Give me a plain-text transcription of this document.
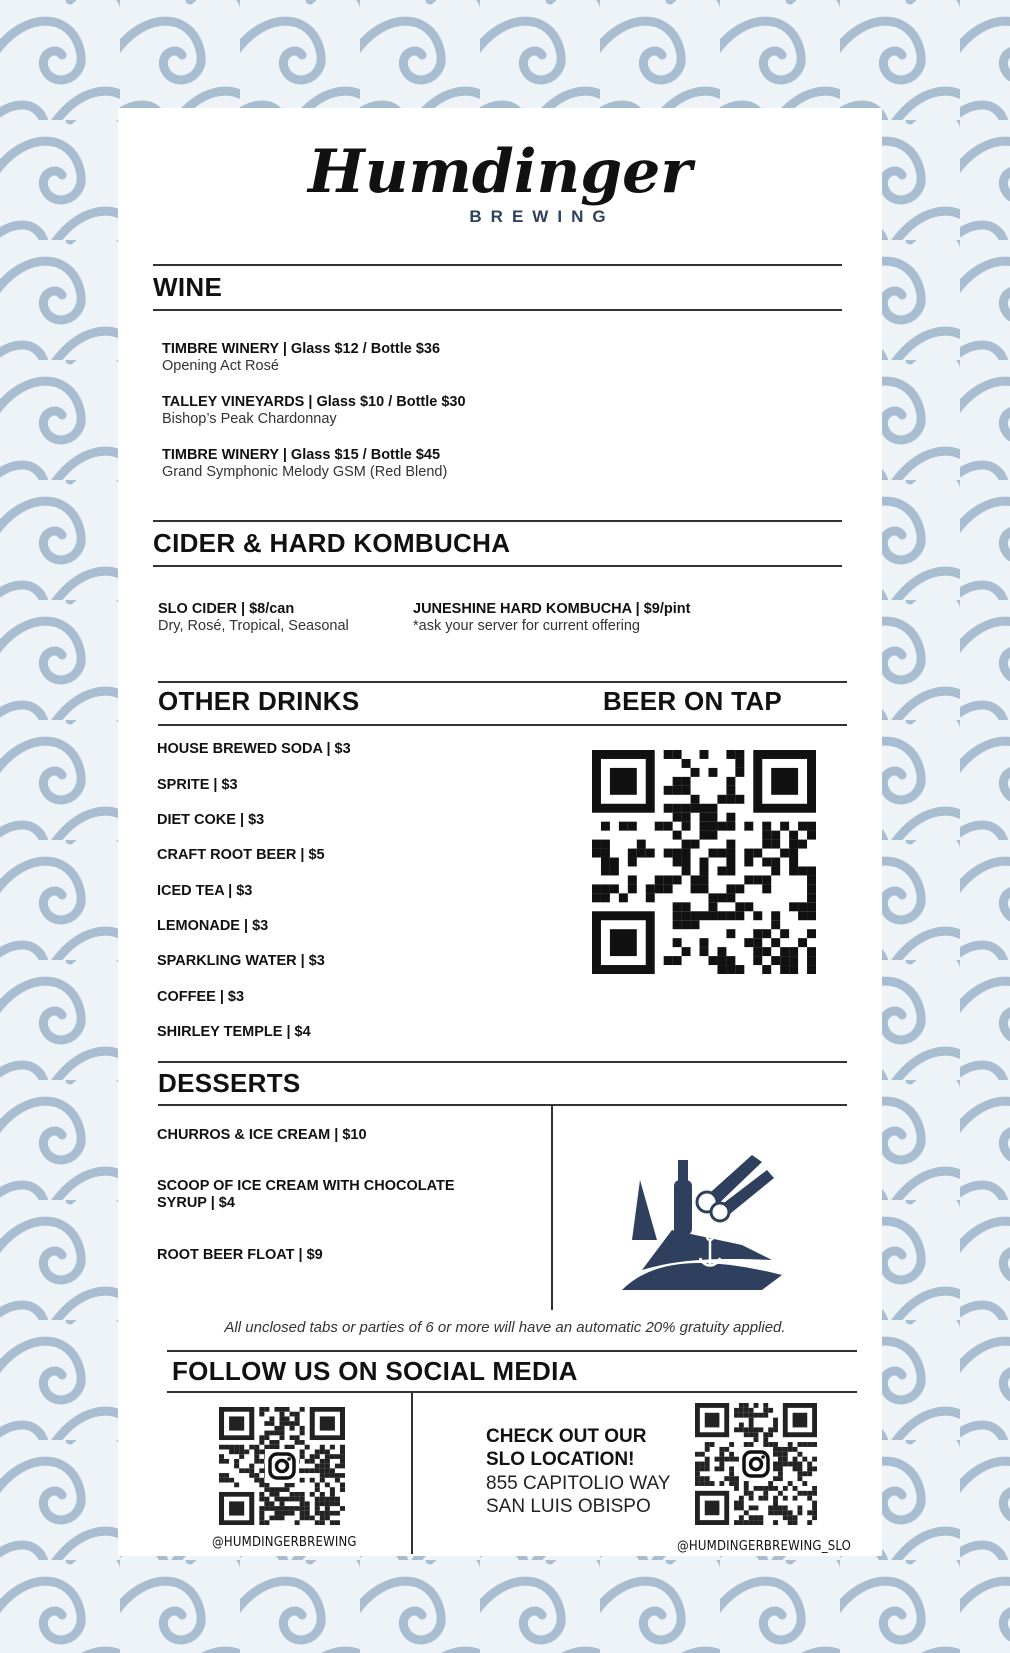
Humdinger
BREWING
WINE
TIMBRE WINERY | Glass $12 / Bottle $36
Opening Act Rosé
TALLEY VINEYARDS | Glass $10 / Bottle $30
Bishop’s Peak Chardonnay
TIMBRE WINERY | Glass $15 / Bottle $45
Grand Symphonic Melody GSM (Red Blend)
CIDER & HARD KOMBUCHA
SLO CIDER | $8/can
Dry, Rosé, Tropical, Seasonal
JUNESHINE HARD KOMBUCHA | $9/pint
*ask your server for current offering
OTHER DRINKS	BEER ON TAP
HOUSE BREWED SODA | $3
SPRITE | $3
DIET COKE | $3
CRAFT ROOT BEER | $5
ICED TEA | $3
LEMONADE | $3
SPARKLING WATER | $3
COFFEE | $3
SHIRLEY TEMPLE | $4
DESSERTS
CHURROS & ICE CREAM | $10
SCOOP OF ICE CREAM WITH CHOCOLATE
SYRUP | $4
ROOT BEER FLOAT | $9
All unclosed tabs or parties of 6 or more will have an automatic 20% gratuity applied.
FOLLOW US ON SOCIAL MEDIA
@HUMDINGERBREWING
CHECK OUT OUR
SLO LOCATION!
855 CAPITOLIO WAY
SAN LUIS OBISPO
@HUMDINGERBREWING_SLO
